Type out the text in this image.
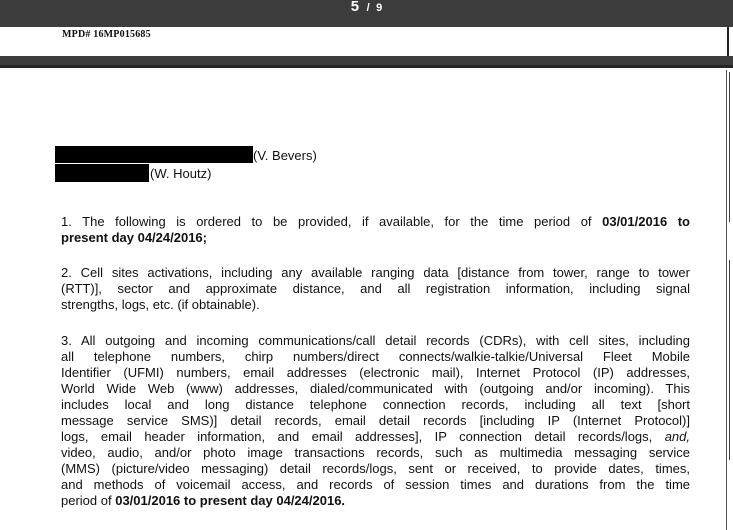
5 / 9
MPD# 16MP015685
(V. Bevers)
(W. Houtz)
1. The following is ordered to be provided, if available, for the time period of 03/01/2016 to
present day 04/24/2016;
2. Cell sites activations, including any available ranging data [distance from tower, range to tower
(RTT)], sector and approximate distance, and all registration information, including signal
strengths, logs, etc. (if obtainable).
3. All outgoing and incoming communications/call detail records (CDRs), with cell sites, including
all telephone numbers, chirp numbers/direct connects/walkie-talkie/Universal Fleet Mobile
Identifier (UFMI) numbers, email addresses (electronic mail), Internet Protocol (IP) addresses,
World Wide Web (www) addresses, dialed/communicated with (outgoing and/or incoming). This
includes local and long distance telephone connection records, including all text [short
message service SMS)] detail records, email detail records [including IP (Internet Protocol)]
logs, email header information, and email addresses], IP connection detail records/logs, and,
video, audio, and/or photo image transactions records, such as multimedia messaging service
(MMS) (picture/video messaging) detail records/logs, sent or received, to provide dates, times,
and methods of voicemail access, and records of session times and durations from the time
period of 03/01/2016 to present day 04/24/2016.
